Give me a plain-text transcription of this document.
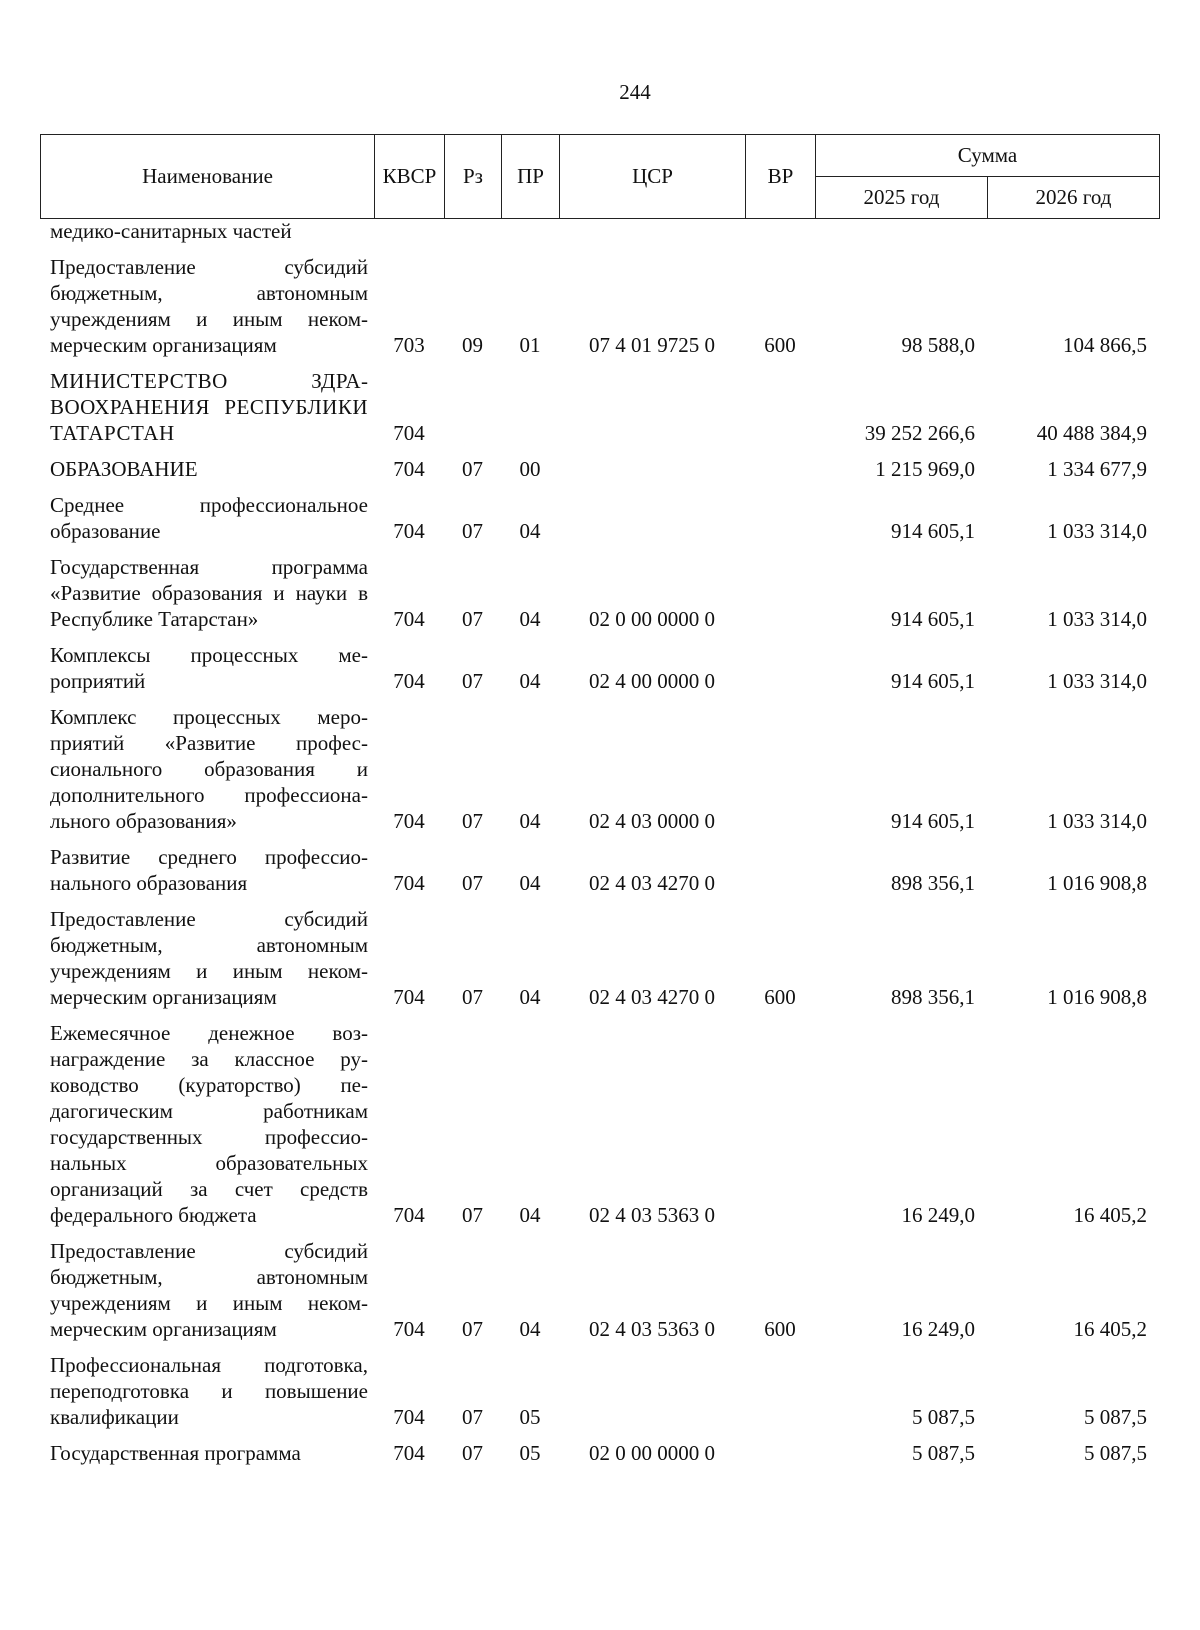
244
Наименование	КВСР	Рз	ПР	ЦСР	ВР	Сумма	
						2025 год	2026 год
медико-санитарных частей							
Предоставление субсидий бюджетным, автономным учреждениям и иным некоммерческим организациям	703	09	01	07 4 01 9725 0	600	98 588,0	104 866,5
МИНИСТЕРСТВО ЗДРАВООХРАНЕНИЯ РЕСПУБЛИКИ ТАТАРСТАН	704					39 252 266,6	40 488 384,9
ОБРАЗОВАНИЕ	704	07	00			1 215 969,0	1 334 677,9
Среднее профессиональное образование	704	07	04			914 605,1	1 033 314,0
Государственная программа «Развитие образования и науки в Республике Татарстан»	704	07	04	02 0 00 0000 0		914 605,1	1 033 314,0
Комплексы процессных мероприятий	704	07	04	02 4 00 0000 0		914 605,1	1 033 314,0
Комплекс процессных мероприятий «Развитие профессионального образования и дополнительного профессионального образования»	704	07	04	02 4 03 0000 0		914 605,1	1 033 314,0
Развитие среднего профессионального образования	704	07	04	02 4 03 4270 0		898 356,1	1 016 908,8
Предоставление субсидий бюджетным, автономным учреждениям и иным некоммерческим организациям	704	07	04	02 4 03 4270 0	600	898 356,1	1 016 908,8
Ежемесячное денежное вознаграждение за классное руководство (кураторство) педагогическим работникам государственных профессиональных образовательных организаций за счет средств федерального бюджета	704	07	04	02 4 03 5363 0		16 249,0	16 405,2
Предоставление субсидий бюджетным, автономным учреждениям и иным некоммерческим организациям	704	07	04	02 4 03 5363 0	600	16 249,0	16 405,2
Профессиональная подготовка, переподготовка и повышение квалификации	704	07	05			5 087,5	5 087,5
Государственная программа	704	07	05	02 0 00 0000 0		5 087,5	5 087,5
